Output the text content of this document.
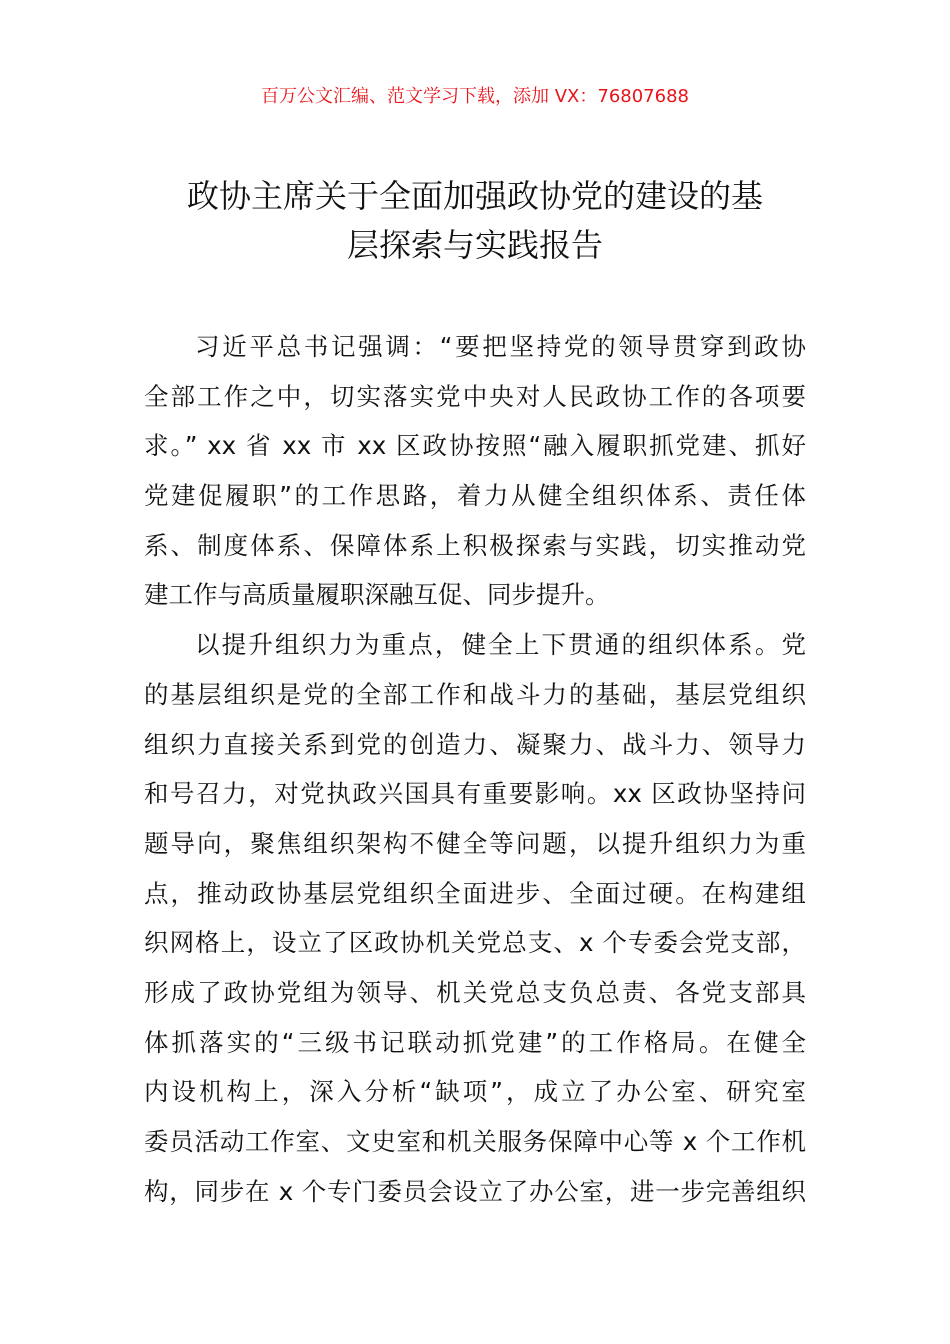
百万公文汇编、范文学习下载，添加 VX：76807688
政协主席关于全面加强政协党的建设的基
层探索与实践报告
习近平总书记强调：“要把坚持党的领导贯穿到政协
全部工作之中，切实落实党中央对人民政协工作的各项要
求。” xx 省 xx 市 xx 区政协按照“融入履职抓党建、抓好
党建促履职”的工作思路，着力从健全组织体系、责任体
系、制度体系、保障体系上积极探索与实践，切实推动党
建工作与高质量履职深融互促、同步提升。
以提升组织力为重点，健全上下贯通的组织体系。党
的基层组织是党的全部工作和战斗力的基础，基层党组织
组织力直接关系到党的创造力、凝聚力、战斗力、领导力
和号召力，对党执政兴国具有重要影响。xx 区政协坚持问
题导向，聚焦组织架构不健全等问题，以提升组织力为重
点，推动政协基层党组织全面进步、全面过硬。在构建组
织网格上，设立了区政协机关党总支、x 个专委会党支部，
形成了政协党组为领导、机关党总支负总责、各党支部具
体抓落实的“三级书记联动抓党建”的工作格局。在健全
内设机构上，深入分析“缺项”，成立了办公室、研究室
委员活动工作室、文史室和机关服务保障中心等 x 个工作机
构，同步在 x 个专门委员会设立了办公室，进一步完善组织
